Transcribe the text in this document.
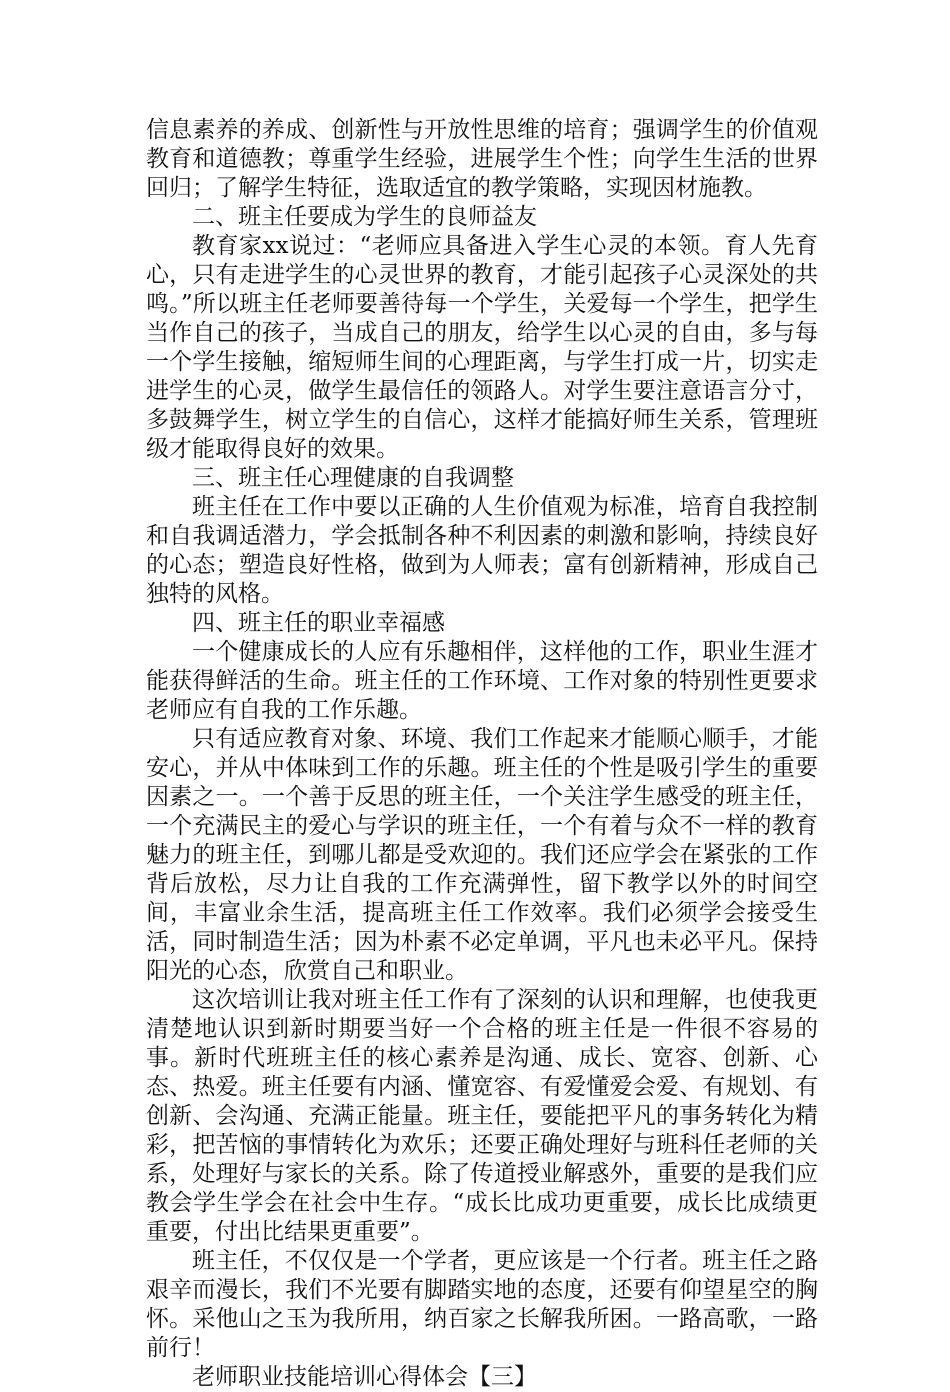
信息素养的养成、创新性与开放性思维的培育；强调学生的价值观教育和道德教；尊重学生经验，进展学生个性；向学生生活的世界回归；了解学生特征，选取适宜的教学策略，实现因材施教。

二、班主任要成为学生的良师益友

教育家xx说过：“老师应具备进入学生心灵的本领。育人先育心，只有走进学生的心灵世界的教育，才能引起孩子心灵深处的共鸣。”所以班主任老师要善待每一个学生，关爱每一个学生，把学生当作自己的孩子，当成自己的朋友，给学生以心灵的自由，多与每一个学生接触，缩短师生间的心理距离，与学生打成一片，切实走进学生的心灵，做学生最信任的领路人。对学生要注意语言分寸，多鼓舞学生，树立学生的自信心，这样才能搞好师生关系，管理班级才能取得良好的效果。

三、班主任心理健康的自我调整

班主任在工作中要以正确的人生价值观为标准，培育自我控制和自我调适潜力，学会抵制各种不利因素的刺激和影响，持续良好的心态；塑造良好性格，做到为人师表；富有创新精神，形成自己独特的风格。

四、班主任的职业幸福感

一个健康成长的人应有乐趣相伴，这样他的工作，职业生涯才能获得鲜活的生命。班主任的工作环境、工作对象的特别性更要求老师应有自我的工作乐趣。

只有适应教育对象、环境、我们工作起来才能顺心顺手，才能安心，并从中体味到工作的乐趣。班主任的个性是吸引学生的重要因素之一。一个善于反思的班主任，一个关注学生感受的班主任，一个充满民主的爱心与学识的班主任，一个有着与众不一样的教育魅力的班主任，到哪儿都是受欢迎的。我们还应学会在紧张的工作背后放松，尽力让自我的工作充满弹性，留下教学以外的时间空间，丰富业余生活，提高班主任工作效率。我们必须学会接受生活，同时制造生活；因为朴素不必定单调，平凡也未必平凡。保持阳光的心态，欣赏自己和职业。

这次培训让我对班主任工作有了深刻的认识和理解，也使我更清楚地认识到新时期要当好一个合格的班主任是一件很不容易的事。新时代班班主任的核心素养是沟通、成长、宽容、创新、心态、热爱。班主任要有内涵、懂宽容、有爱懂爱会爱、有规划、有创新、会沟通、充满正能量。班主任，要能把平凡的事务转化为精彩，把苦恼的事情转化为欢乐；还要正确处理好与班科任老师的关系，处理好与家长的关系。除了传道授业解惑外，重要的是我们应教会学生学会在社会中生存。“成长比成功更重要，成长比成绩更重要，付出比结果更重要”。

班主任，不仅仅是一个学者，更应该是一个行者。班主任之路艰辛而漫长，我们不光要有脚踏实地的态度，还要有仰望星空的胸怀。采他山之玉为我所用，纳百家之长解我所困。一路高歌，一路前行！

老师职业技能培训心得体会【三】
